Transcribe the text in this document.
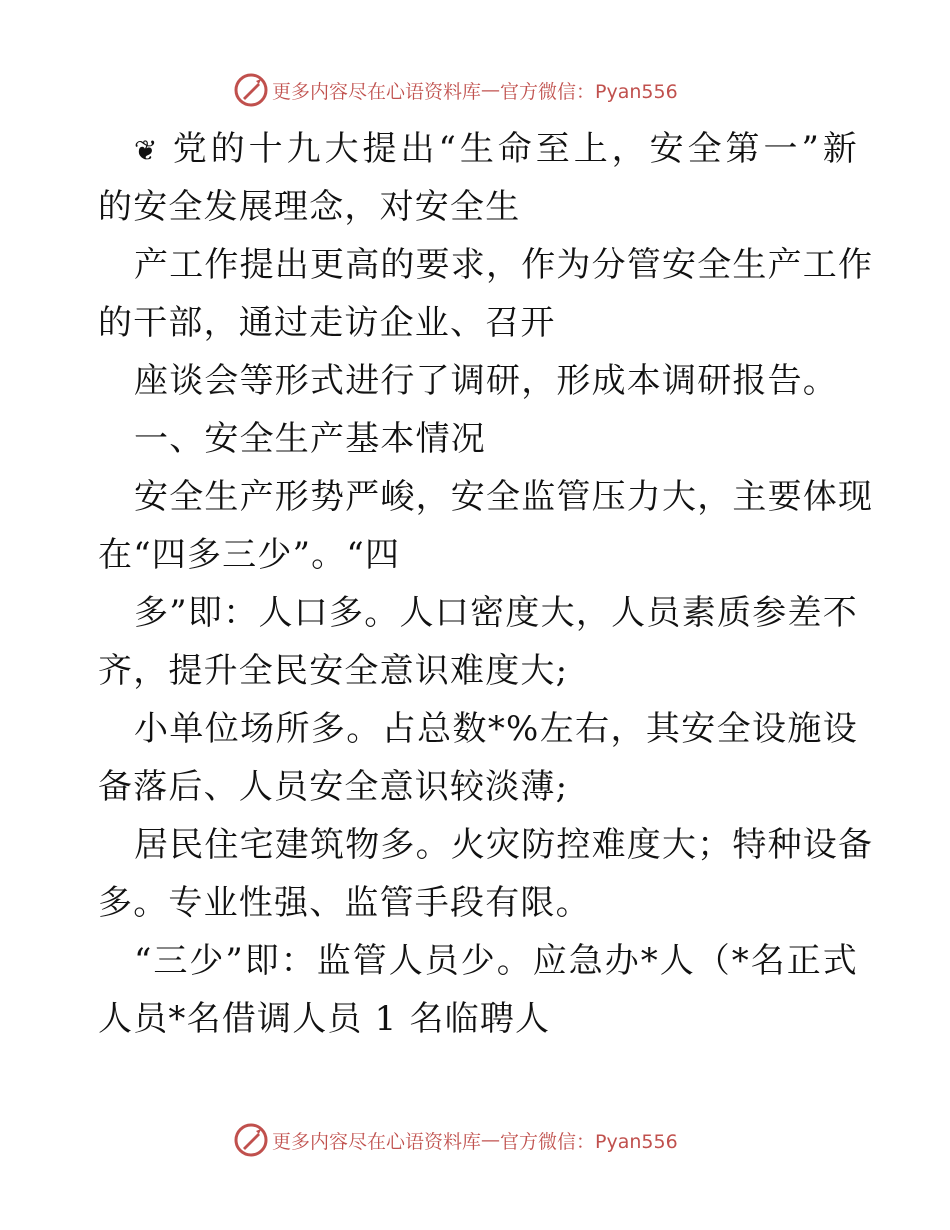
更多内容尽在心语资料库 — 官方微信：Pyan556
❦ 党的十九大提出“生命至上，安全第一”新
的安全发展理念，对安全生
产工作提出更高的要求，作为分管安全生产工作
的干部，通过走访企业、召开
座谈会等形式进行了调研，形成本调研报告。
一、安全生产基本情况
安全生产形势严峻，安全监管压力大，主要体现
在“四多三少”。“四
多”即：人口多。人口密度大，人员素质参差不
齐，提升全民安全意识难度大;
小单位场所多。占总数*%左右，其安全设施设
备落后、人员安全意识较淡薄;
居民住宅建筑物多。火灾防控难度大；特种设备
多。专业性强、监管手段有限。
“三少”即：监管人员少。应急办*人（*名正式
人员*名借调人员 1 名临聘人
更多内容尽在心语资料库 — 官方微信：Pyan556
